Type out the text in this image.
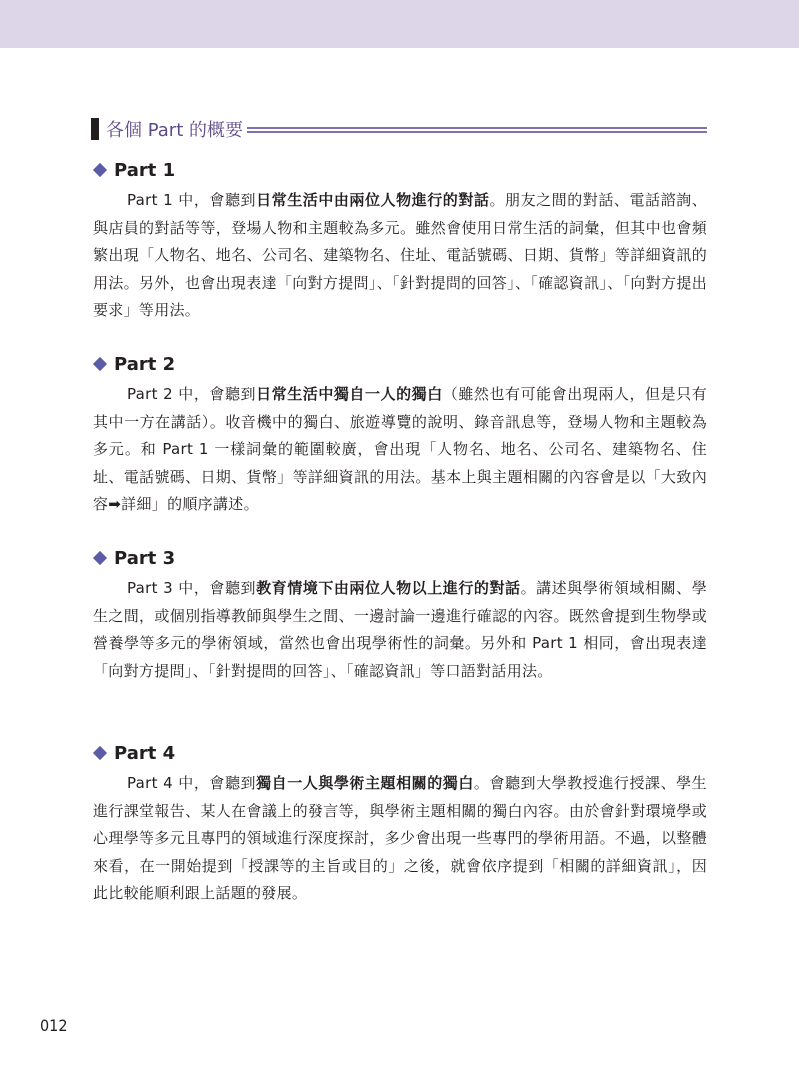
各個 Part 的概要
Part 1

Part 1 中，會聽到日常生活中由兩位人物進行的對話。朋友之間的對話、電話諮詢、與店員的對話等等，登場人物和主題較為多元。雖然會使用日常生活的詞彙，但其中也會頻繁出現「人物名、地名、公司名、建築物名、住址、電話號碼、日期、貨幣」等詳細資訊的用法。另外，也會出現表達「向對方提問」、「針對提問的回答」、「確認資訊」、「向對方提出要求」等用法。

Part 2

Part 2 中，會聽到日常生活中獨自一人的獨白（雖然也有可能會出現兩人，但是只有其中一方在講話）。收音機中的獨白、旅遊導覽的說明、錄音訊息等，登場人物和主題較為多元。和 Part 1 一樣詞彙的範圍較廣，會出現「人物名、地名、公司名、建築物名、住址、電話號碼、日期、貨幣」等詳細資訊的用法。基本上與主題相關的內容會是以「大致內容➡詳細」的順序講述。

Part 3

Part 3 中，會聽到教育情境下由兩位人物以上進行的對話。講述與學術領域相關、學生之間，或個別指導教師與學生之間、一邊討論一邊進行確認的內容。既然會提到生物學或營養學等多元的學術領域，當然也會出現學術性的詞彙。另外和 Part 1 相同，會出現表達「向對方提問」、「針對提問的回答」、「確認資訊」等口語對話用法。

Part 4

Part 4 中，會聽到獨自一人與學術主題相關的獨白。會聽到大學教授進行授課、學生進行課堂報告、某人在會議上的發言等，與學術主題相關的獨白內容。由於會針對環境學或心理學等多元且專門的領域進行深度探討，多少會出現一些專門的學術用語。不過，以整體來看，在一開始提到「授課等的主旨或目的」之後，就會依序提到「相關的詳細資訊」，因此比較能順利跟上話題的發展。

012
